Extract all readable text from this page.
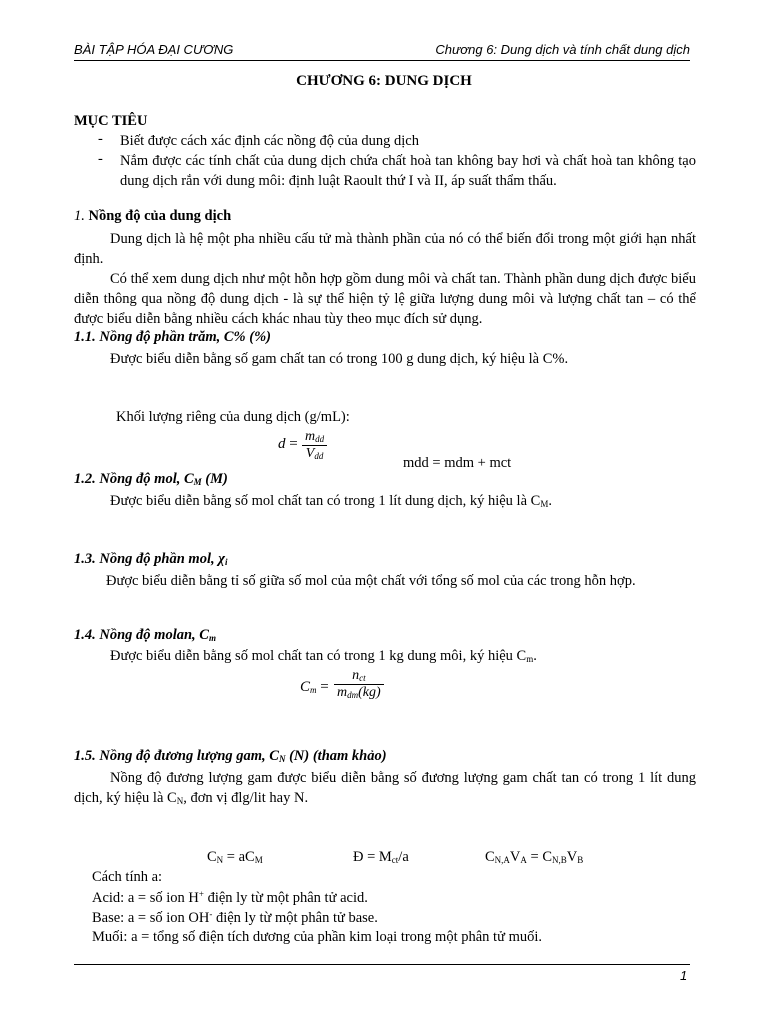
BÀI TẬP HÓA ĐẠI CƯƠNG	Chương 6: Dung dịch và tính chất dung dịch
CHƯƠNG 6: DUNG DỊCH
MỤC TIÊU
- Biết được cách xác định các nồng độ của dung dịch
- Nắm được các tính chất của dung dịch chứa chất hoà tan không bay hơi và chất hoà tan không tạo dung dịch rắn với dung môi: định luật Raoult thứ I và II, áp suất thẩm thấu.
1. Nồng độ của dung dịch
Dung dịch là hệ một pha nhiều cấu tử mà thành phần của nó có thể biến đổi trong một giới hạn nhất định.
Có thể xem dung dịch như một hỗn hợp gồm dung môi và chất tan. Thành phần dung dịch được biểu diễn thông qua nồng độ dung dịch - là sự thể hiện tỷ lệ giữa lượng dung môi và lượng chất tan – có thể được biểu diễn bằng nhiều cách khác nhau tùy theo mục đích sử dụng.
1.1. Nồng độ phần trăm, C% (%)
Được biểu diễn bằng số gam chất tan có trong 100 g dung dịch, ký hiệu là C%.
Khối lượng riêng của dung dịch (g/mL):
$d = m_{dd}$
$V_{dd}$	mdd = mdm + mct
1.2. Nồng độ mol, $C_M$ (M)
Được biểu diễn bằng số mol chất tan có trong 1 lít dung dịch, ký hiệu là $C_M$.
1.3. Nồng độ phần mol, $\chi_i$
Được biểu diễn bằng tỉ số giữa số mol của một chất với tổng số mol của các trong hỗn hợp.
1.4. Nồng độ molan, $C_m$
Được biểu diễn bằng số mol chất tan có trong 1 kg dung môi, ký hiệu $C_m$.
$C_m$ =
$n_{ct}$
$m_{dm}(kg)$
1.5. Nồng độ đương lượng gam, $C_N$ (N) (tham khảo)
Nồng độ đương lượng gam được biểu diễn bằng số đương lượng gam chất tan có trong 1 lít dung dịch, ký hiệu là $C_N$, đơn vị đlg/lit hay N.
$C_N = aC_M$	Đ = $M_{ct}/a$	$C_{N,A}V_A = C_{N,B}V_B$
Cách tính a:
Acid: a = số ion H+ điện ly từ một phân tử acid.
Base: a = số ion OH- điện ly từ một phân tử base.
Muối: a = tổng số điện tích dương của phần kim loại trong một phân tử muối.
1
